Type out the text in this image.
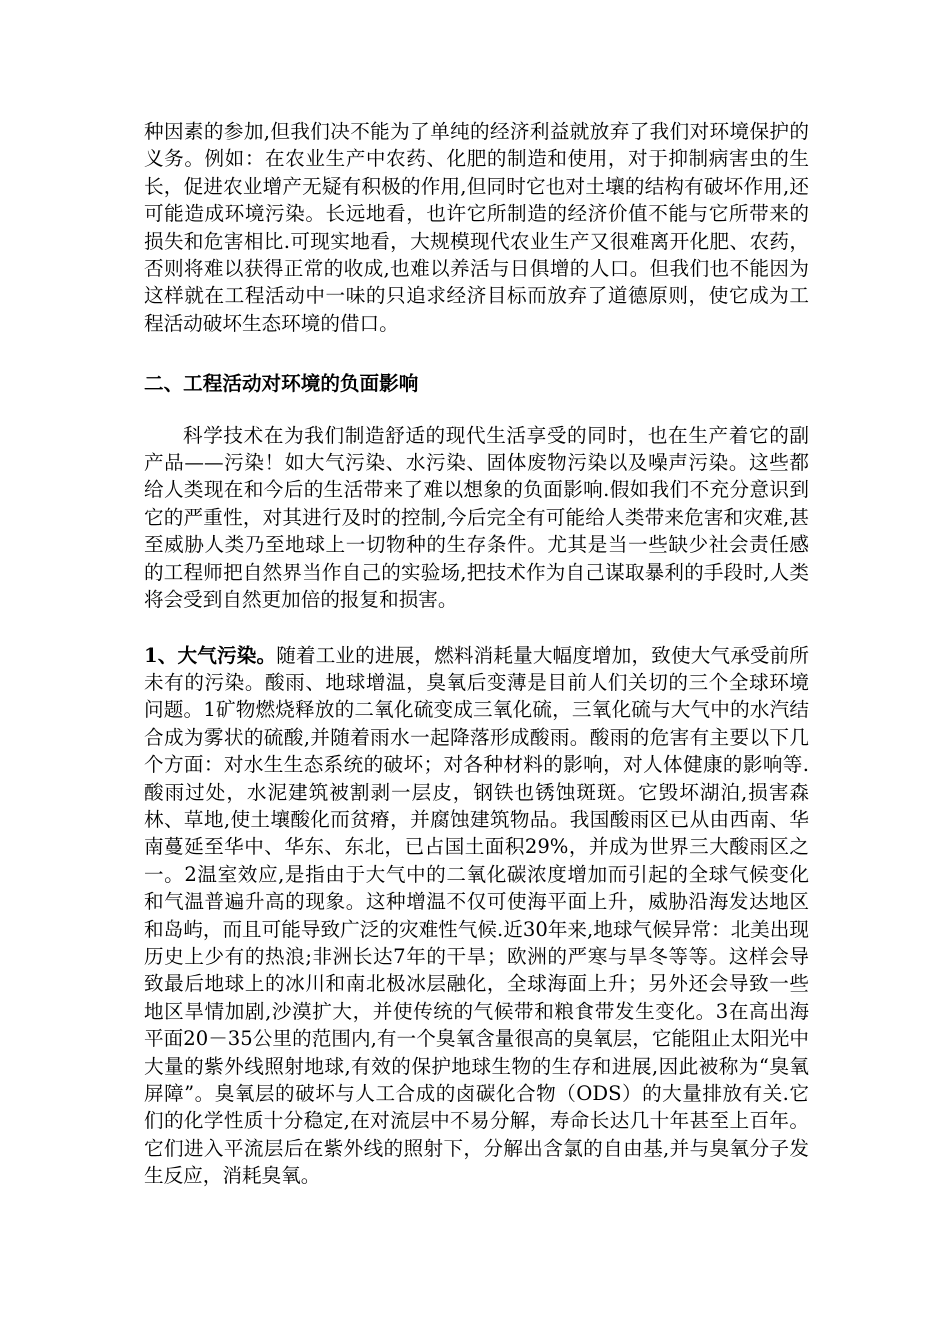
种因素的参加,但我们决不能为了单纯的经济利益就放弃了我们对环境保护的义务。例如：在农业生产中农药、化肥的制造和使用，对于抑制病害虫的生长，促进农业增产无疑有积极的作用,但同时它也对土壤的结构有破坏作用,还可能造成环境污染。长远地看，也许它所制造的经济价值不能与它所带来的损失和危害相比.可现实地看，大规模现代农业生产又很难离开化肥、农药，否则将难以获得正常的收成,也难以养活与日俱增的人口。但我们也不能因为这样就在工程活动中一味的只追求经济目标而放弃了道德原则，使它成为工程活动破坏生态环境的借口。

二、工程活动对环境的负面影响

科学技术在为我们制造舒适的现代生活享受的同时，也在生产着它的副产品——污染！如大气污染、水污染、固体废物污染以及噪声污染。这些都给人类现在和今后的生活带来了难以想象的负面影响.假如我们不充分意识到它的严重性，对其进行及时的控制,今后完全有可能给人类带来危害和灾难,甚至威胁人类乃至地球上一切物种的生存条件。尤其是当一些缺少社会责任感的工程师把自然界当作自己的实验场,把技术作为自己谋取暴利的手段时,人类将会受到自然更加倍的报复和损害。

1、大气污染。随着工业的进展，燃料消耗量大幅度增加，致使大气承受前所未有的污染。酸雨、地球增温，臭氧后变薄是目前人们关切的三个全球环境问题。1矿物燃烧释放的二氧化硫变成三氧化硫，三氧化硫与大气中的水汽结合成为雾状的硫酸,并随着雨水一起降落形成酸雨。酸雨的危害有主要以下几个方面：对水生生态系统的破坏；对各种材料的影响，对人体健康的影响等.酸雨过处，水泥建筑被割剥一层皮，钢铁也锈蚀斑斑。它毁坏湖泊,损害森林、草地,使土壤酸化而贫瘠，并腐蚀建筑物品。我国酸雨区已从由西南、华南蔓延至华中、华东、东北，已占国土面积29%，并成为世界三大酸雨区之一。2温室效应,是指由于大气中的二氧化碳浓度增加而引起的全球气候变化和气温普遍升高的现象。这种增温不仅可使海平面上升，威胁沿海发达地区和岛屿，而且可能导致广泛的灾难性气候.近30年来,地球气候异常：北美出现历史上少有的热浪;非洲长达7年的干旱；欧洲的严寒与旱冬等等。这样会导致最后地球上的冰川和南北极冰层融化，全球海面上升；另外还会导致一些地区旱情加剧,沙漠扩大，并使传统的气候带和粮食带发生变化。3在高出海平面20－35公里的范围内,有一个臭氧含量很高的臭氧层，它能阻止太阳光中大量的紫外线照射地球,有效的保护地球生物的生存和进展,因此被称为“臭氧屏障”。臭氧层的破坏与人工合成的卤碳化合物（ODS）的大量排放有关.它们的化学性质十分稳定,在对流层中不易分解，寿命长达几十年甚至上百年。它们进入平流层后在紫外线的照射下，分解出含氯的自由基,并与臭氧分子发生反应，消耗臭氧。
